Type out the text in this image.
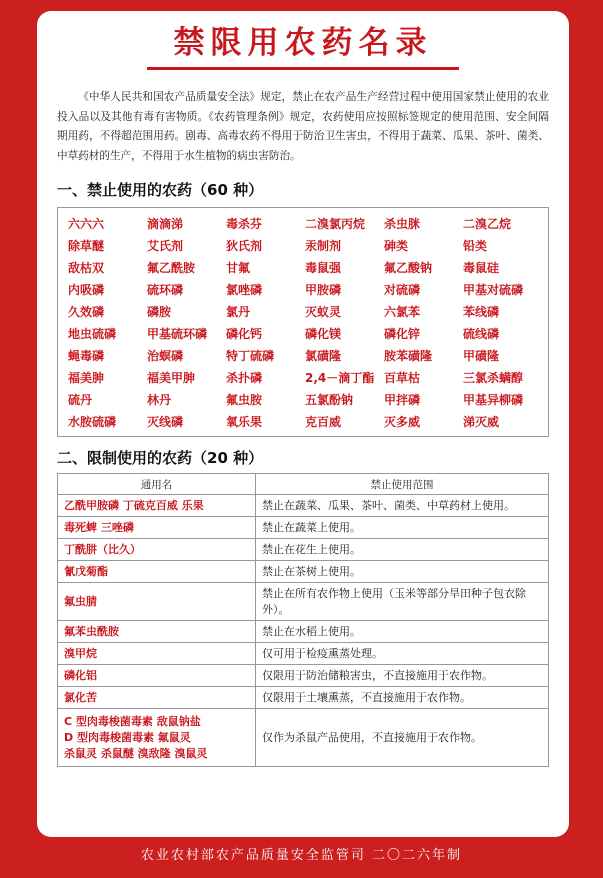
禁限用农药名录
《中华人民共和国农产品质量安全法》规定，禁止在农产品生产经营过程中使用国家禁止使用的农业投入品以及其他有毒有害物质。《农药管理条例》规定，农药使用应按照标签规定的使用范围、安全间隔期用药，不得超范围用药。剧毒、高毒农药不得用于防治卫生害虫，不得用于蔬菜、瓜果、茶叶、菌类、中草药材的生产，不得用于水生植物的病虫害防治。
一、禁止使用的农药（60 种）
六六六	滴滴涕	毒杀芬	二溴氯丙烷	杀虫脒	二溴乙烷
除草醚	艾氏剂	狄氏剂	汞制剂	砷类	铅类
敌枯双	氟乙酰胺	甘氟	毒鼠强	氟乙酸钠	毒鼠硅
内吸磷	硫环磷	氯唑磷	甲胺磷	对硫磷	甲基对硫磷
久效磷	磷胺	氯丹	灭蚁灵	六氯苯	苯线磷
地虫硫磷	甲基硫环磷	磷化钙	磷化镁	磷化锌	硫线磷
蝇毒磷	治螟磷	特丁硫磷	氯磺隆	胺苯磺隆	甲磺隆
福美胂	福美甲胂	杀扑磷	2,4－滴丁酯 百草枯	三氯杀螨醇
硫丹	林丹	氟虫胺	五氯酚钠	甲拌磷	甲基异柳磷
水胺硫磷	灭线磷	氧乐果	克百威	灭多威	涕灭威
二、限制使用的农药（20 种）
通用名	禁止使用范围
乙酰甲胺磷 丁硫克百威 乐果	禁止在蔬菜、瓜果、茶叶、菌类、中草药材上使用。
毒死蜱 三唑磷	禁止在蔬菜上使用。
丁酰肼（比久）	禁止在花生上使用。
氰戊菊酯	禁止在茶树上使用。
氟虫腈	禁止在所有农作物上使用（玉米等部分旱田种子包衣除外）。
氟苯虫酰胺	禁止在水稻上使用。
溴甲烷	仅可用于检疫熏蒸处理。
磷化铝	仅限用于防治储粮害虫，不直接施用于农作物。
氯化苦	仅限用于土壤熏蒸，不直接施用于农作物。
C 型肉毒梭菌毒素 敌鼠钠盐
D 型肉毒梭菌毒素 氟鼠灵
杀鼠灵 杀鼠醚 溴敌隆 溴鼠灵	仅作为杀鼠产品使用，不直接施用于农作物。
农业农村部农产品质量安全监管司 二〇二六年制
